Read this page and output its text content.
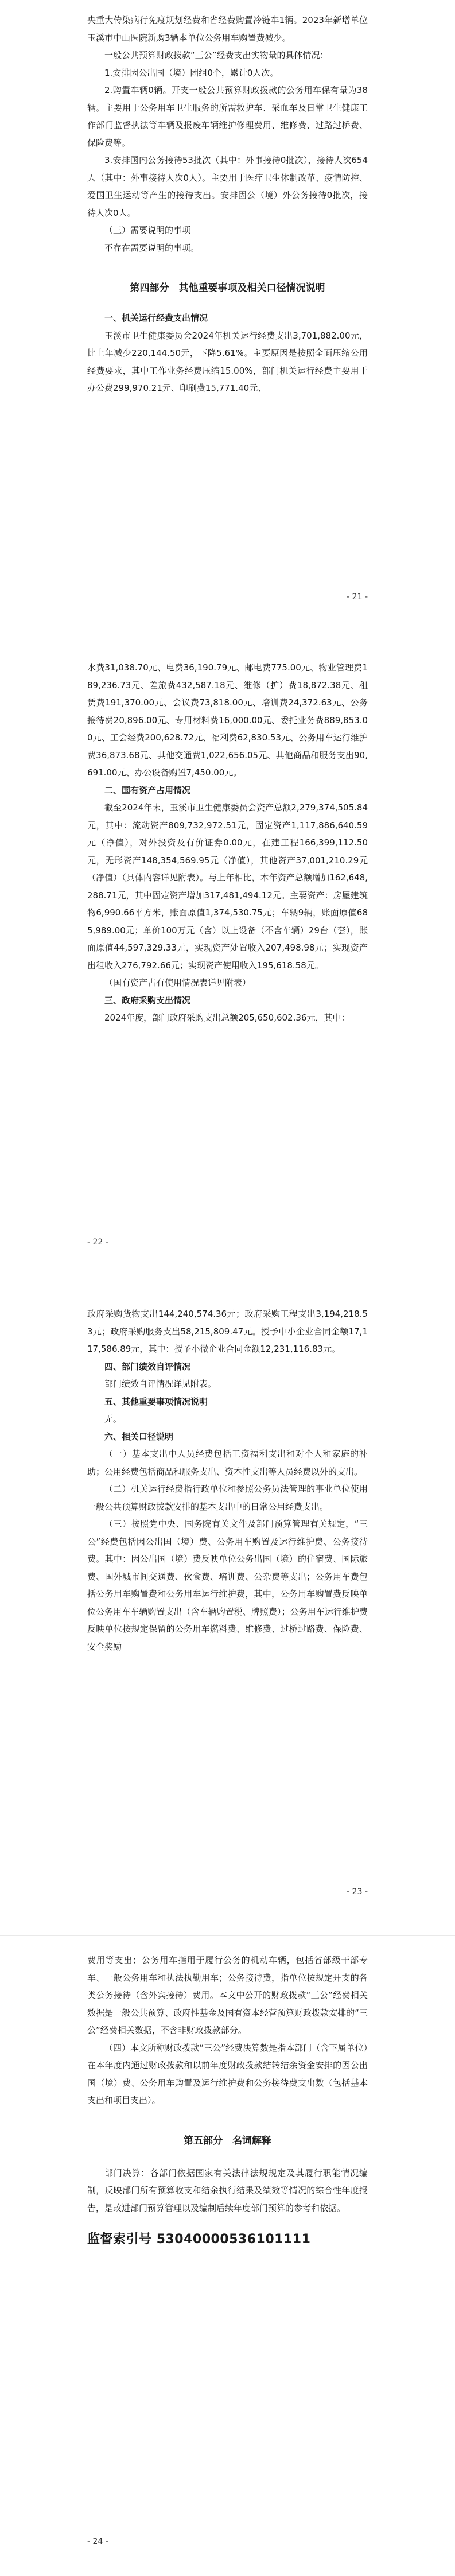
央重大传染病行免疫规划经费和省经费购置冷链车1辆。2023年新增单位玉溪市中山医院新购3辆本单位公务用车购置费减少。

一般公共预算财政拨款“三公”经费支出实物量的具体情况：

1.安排因公出国（境）团组0个，累计0人次。

2.购置车辆0辆。开支一般公共预算财政拨款的公务用车保有量为38辆。主要用于公务用车卫生服务的所需救护车、采血车及日常卫生健康工作部门监督执法等车辆及报废车辆维护修理费用、维修费、过路过桥费、保险费等。

3.安排国内公务接待53批次（其中：外事接待0批次），接待人次654人（其中：外事接待人次0人）。主要用于医疗卫生体制改革、疫情防控、爱国卫生运动等产生的接待支出。安排因公（境）外公务接待0批次，接待人次0人。

（三）需要说明的事项

不存在需要说明的事项。

第四部分　其他重要事项及相关口径情况说明
一、机关运行经费支出情况

玉溪市卫生健康委员会2024年机关运行经费支出3,701,882.00元，比上年减少220,144.50元，下降5.61%。主要原因是按照全面压缩公用经费要求，其中工作业务经费压缩15.00%，部门机关运行经费主要用于办公费299,970.21元、印刷费15,771.40元、

- 21 -

水费31,038.70元、电费36,190.79元、邮电费775.00元、物业管理费189,236.73元、差旅费432,587.18元、维修（护）费18,872.38元、租赁费191,370.00元、会议费73,818.00元、培训费24,372.63元、公务接待费20,896.00元、专用材料费16,000.00元、委托业务费889,853.00元、工会经费200,628.72元、福利费62,830.53元、公务用车运行维护费36,873.68元、其他交通费1,022,656.05元、其他商品和服务支出90,691.00元、办公设备购置7,450.00元。

二、国有资产占用情况

截至2024年末，玉溪市卫生健康委员会资产总额2,279,374,505.84元，其中：流动资产809,732,972.51元，固定资产1,117,886,640.59元（净值），对外投资及有价证券0.00元，在建工程166,399,112.50元，无形资产148,354,569.95元（净值），其他资产37,001,210.29元（净值）（具体内容详见附表）。与上年相比，本年资产总额增加162,648,288.71元，其中固定资产增加317,481,494.12元。主要资产：房屋建筑物6,990.66平方米，账面原值1,374,530.75元；车辆9辆，账面原值685,989.00元；单价100万元（含）以上设备（不含车辆）29台（套），账面原值44,597,329.33元，实现资产处置收入207,498.98元；实现资产出租收入276,792.66元；实现资产使用收入195,618.58元。

（国有资产占有使用情况表详见附表）

三、政府采购支出情况

2024年度，部门政府采购支出总额205,650,602.36元，其中：

- 22 -

政府采购货物支出144,240,574.36元；政府采购工程支出3,194,218.53元；政府采购服务支出58,215,809.47元。授予中小企业合同金额17,117,586.89元，其中：授予小微企业合同金额12,231,116.83元。

四、部门绩效自评情况

部门绩效自评情况详见附表。

五、其他重要事项情况说明

无。

六、相关口径说明

（一）基本支出中人员经费包括工资福利支出和对个人和家庭的补助；公用经费包括商品和服务支出、资本性支出等人员经费以外的支出。

（二）机关运行经费指行政单位和参照公务员法管理的事业单位使用一般公共预算财政拨款安排的基本支出中的日常公用经费支出。

（三）按照党中央、国务院有关文件及部门预算管理有关规定，“三公”经费包括因公出国（境）费、公务用车购置及运行维护费、公务接待费。其中：因公出国（境）费反映单位公务出国（境）的住宿费、国际旅费、国外城市间交通费、伙食费、培训费、公杂费等支出；公务用车费包括公务用车购置费和公务用车运行维护费，其中，公务用车购置费反映单位公务用车车辆购置支出（含车辆购置税、牌照费）；公务用车运行维护费反映单位按规定保留的公务用车燃料费、维修费、过桥过路费、保险费、安全奖励

- 23 -

费用等支出；公务用车指用于履行公务的机动车辆，包括省部级干部专车、一般公务用车和执法执勤用车；公务接待费，指单位按规定开支的各类公务接待（含外宾接待）费用。本文中公开的财政拨款“三公”经费相关数据是一般公共预算、政府性基金及国有资本经营预算财政拨款安排的“三公”经费相关数据，不含非财政拨款部分。

（四）本文所称财政拨款“三公”经费决算数是指本部门（含下属单位）在本年度内通过财政拨款和以前年度财政拨款结转结余资金安排的因公出国（境）费、公务用车购置及运行维护费和公务接待费支出数（包括基本支出和项目支出）。

第五部分　名词解释

部门决算：各部门依据国家有关法律法规规定及其履行职能情况编制，反映部门所有预算收支和结余执行结果及绩效等情况的综合性年度报告，是改进部门预算管理以及编制后续年度部门预算的参考和依据。

监督索引号 53040000536101111
- 24 -
